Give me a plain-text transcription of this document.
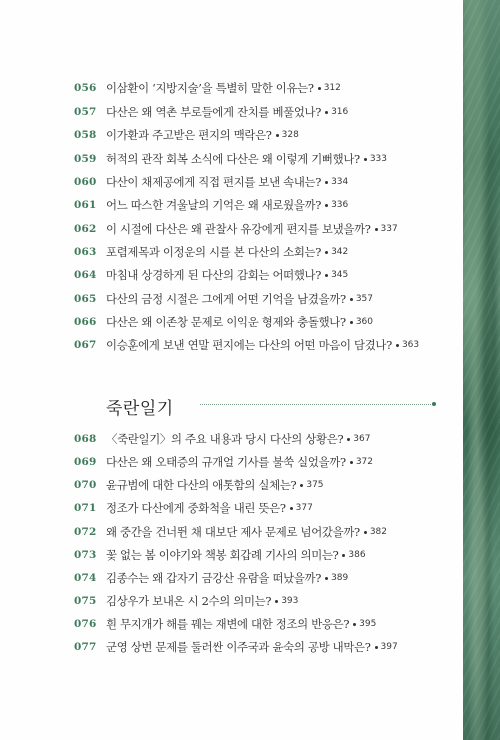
056 이삼환이 ‘지방지술’을 특별히 말한 이유는? 312
057 다산은 왜 역촌 부로들에게 잔치를 베풀었나? 316
058 이가환과 주고받은 편지의 맥락은? 328
059 허적의 관작 회복 소식에 다산은 왜 이렇게 기뻐했나? 333
060 다산이 채제공에게 직접 편지를 보낸 속내는? 334
061 어느 따스한 겨울날의 기억은 왜 새로웠을까? 336
062 이 시절에 다산은 왜 관찰사 유강에게 편지를 보냈을까? 337
063 포렴제목과 이정운의 시를 본 다산의 소회는? 342
064 마침내 상경하게 된 다산의 감회는 어떠했나? 345
065 다산의 금정 시절은 그에게 어떤 기억을 남겼을까? 357
066 다산은 왜 이존창 문제로 이익운 형제와 충돌했나? 360
067 이승훈에게 보낸 연말 편지에는 다산의 어떤 마음이 담겼나? 363
죽란일기
068 〈죽란일기〉의 주요 내용과 당시 다산의 상황은? 367
069 다산은 왜 오태증의 규개얼 기사를 불쑥 실었을까? 372
070 윤규범에 대한 다산의 애톳함의 실체는? 375
071 정조가 다산에게 중화척을 내린 뜻은? 377
072 왜 중간을 건너뛴 채 대보단 제사 문제로 넘어갔을까? 382
073 꽃 없는 봄 이야기와 책봉 회갑례 기사의 의미는? 386
074 김종수는 왜 갑자기 금강산 유람을 떠났을까? 389
075 김상우가 보내온 시 2수의 의미는? 393
076 흰 무지개가 해를 꿰는 재변에 대한 정조의 반응은? 395
077 군영 상번 문제를 둘러싼 이주국과 윤숙의 공방 내막은? 397
